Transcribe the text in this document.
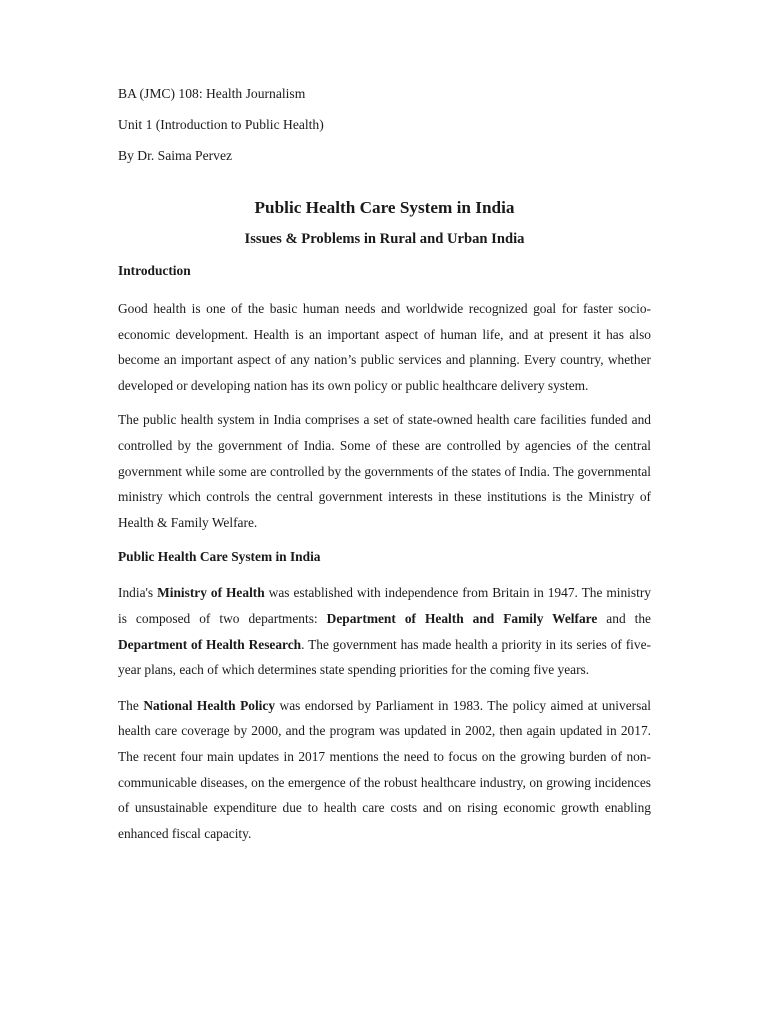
BA (JMC) 108: Health Journalism

Unit 1 (Introduction to Public Health)

By Dr. Saima Pervez

Public Health Care System in India
Issues & Problems in Rural and Urban India
Introduction

Good health is one of the basic human needs and worldwide recognized goal for faster socio-economic development. Health is an important aspect of human life, and at present it has also become an important aspect of any nation’s public services and planning. Every country, whether developed or developing nation has its own policy or public healthcare delivery system.

The public health system in India comprises a set of state-owned health care facilities funded and controlled by the government of India. Some of these are controlled by agencies of the central government while some are controlled by the governments of the states of India. The governmental ministry which controls the central government interests in these institutions is the Ministry of Health & Family Welfare.

Public Health Care System in India

India's Ministry of Health was established with independence from Britain in 1947. The ministry is composed of two departments: Department of Health and Family Welfare and the Department of Health Research. The government has made health a priority in its series of five-year plans, each of which determines state spending priorities for the coming five years.

The National Health Policy was endorsed by Parliament in 1983. The policy aimed at universal health care coverage by 2000, and the program was updated in 2002, then again updated in 2017. The recent four main updates in 2017 mentions the need to focus on the growing burden of non-communicable diseases, on the emergence of the robust healthcare industry, on growing incidences of unsustainable expenditure due to health care costs and on rising economic growth enabling enhanced fiscal capacity.
